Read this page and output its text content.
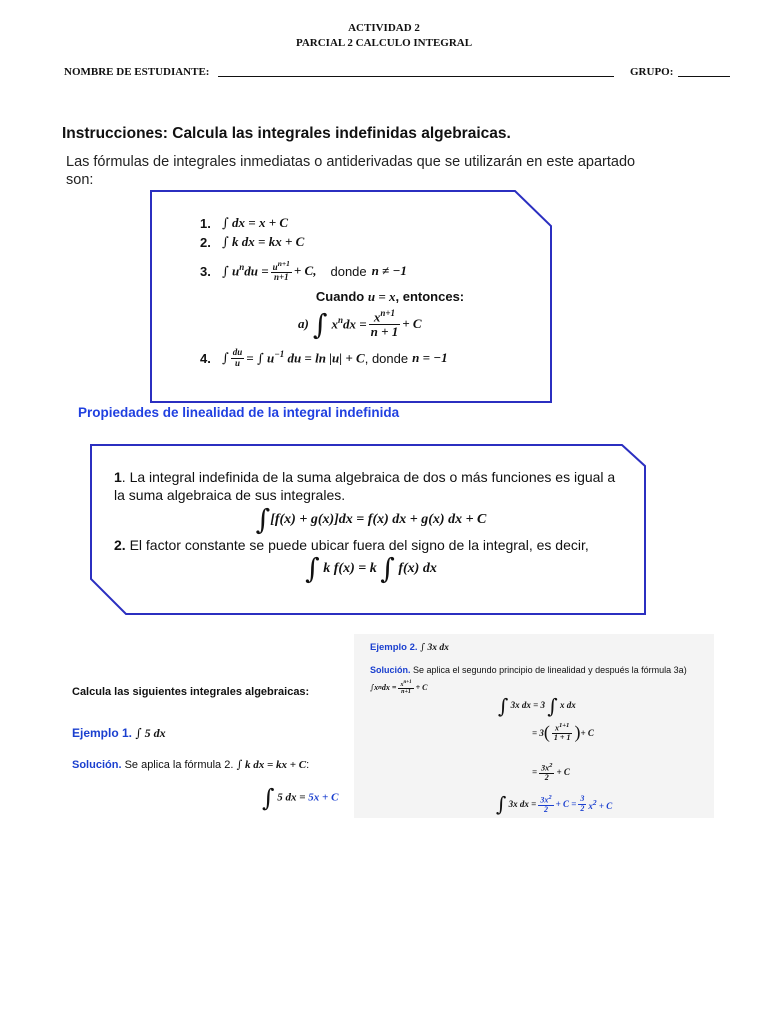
ACTIVIDAD 2
PARCIAL 2 CALCULO INTEGRAL
NOMBRE DE ESTUDIANTE:	GRUPO:
Instrucciones: Calcula las integrales indefinidas algebraicas.
Las fórmulas de integrales inmediatas o antiderivadas que se utilizarán en este apartado son:
1. ∫ dx = x + C
2. ∫ k dx = kx + C
3. ∫ $u^ndu = \frac{u^{n+1}}{n+1} + C$, donde n ≠ −1
Cuando u = x, entonces:
a) ∫ $x^ndx = \frac{x^{n+1}}{n + 1} + C$
4. ∫ $\frac{du}{u}$ = ∫ $u^{-1}$ du = ln |u| + C , donde n = −1
Propiedades de linealidad de la integral indefinida
1. La integral indefinida de la suma algebraica de dos o más funciones es igual a la suma algebraica de sus integrales.
∫[f(x) + g(x)]dx = f(x) dx + g(x) dx + C
2. El factor constante se puede ubicar fuera del signo de la integral, es decir,
∫ k f(x) = k ∫ f(x) dx
Calcula las siguientes integrales algebraicas:
Ejemplo 1. ∫ 5 dx
Solución. Se aplica la fórmula 2. ∫ k dx = kx + C:
∫ 5 dx = 5x + C
Ejemplo 2. ∫ 3x dx
Solución. Se aplica el segundo principio de linealidad y después la fórmula 3a)
∫ x n dx = $\frac{x^{n+1}}{n+1} + C$
∫ 3x dx = 3 ∫ x dx
= 3 ( $\frac{x^{1+1}}{1 + 1}$ ) + C
= $\frac{3x^2}{2} + C$
∫ 3x dx = $\frac{3x^2}{2} + C = \frac{3}{2} x^2 + C$
